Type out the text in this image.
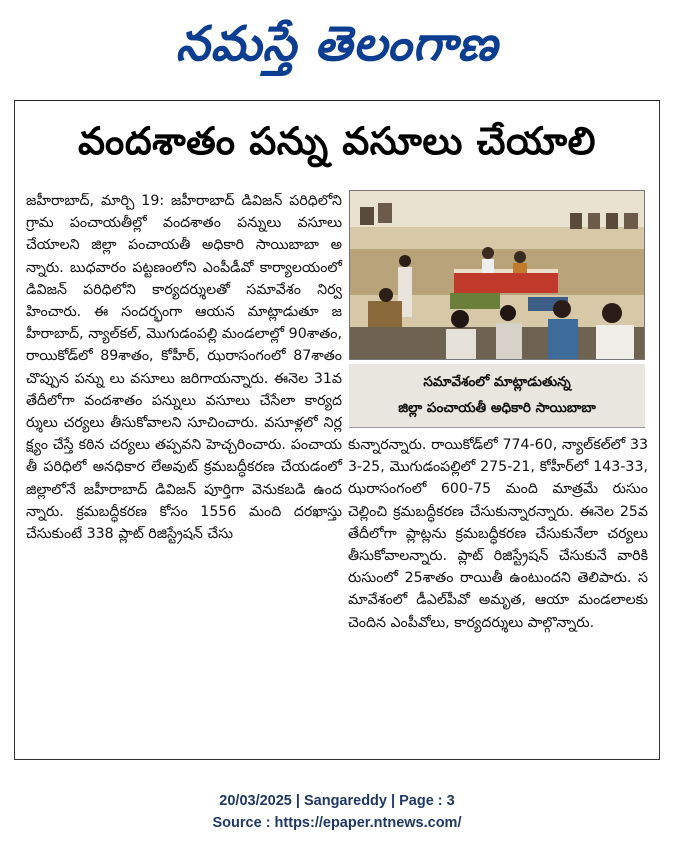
నమస్తే తెలంగాణ
వందశాతం పన్ను వసూలు చేయాలి

జహీరాబాద్, మార్చి 19: జహీరాబాద్ డివిజన్ పరిధిలోని గ్రామ పంచాయతీల్లో వందశాతం పన్నులు వసూలు చేయాలని జిల్లా పంచాయతీ అధికారి సాయిబాబా అన్నారు. బుధవారం పట్టణంలోని ఎంపీడీవో కార్యాలయంలో డివిజన్ పరిధిలోని కార్యదర్శులతో సమావేశం నిర్వహించారు. ఈ సందర్భంగా ఆయన మాట్లాడుతూ జహీరాబాద్, న్యాల్‌కల్, మొగుడంపల్లి మండలాల్లో 90శాతం, రాయికోడ్‌లో 89శాతం, కోహీర్, ఝరాసంగంలో 87శాతం చొప్పున పన్ను లు వసూలు జరిగాయన్నారు. ఈనెల 31వ తేదీలోగా వందశాతం పన్నులు వసూలు చేసేలా కార్యదర్శులు చర్యలు తీసుకోవాలని సూచించారు. వసూళ్లలో నిర్లక్ష్యం చేస్తే కఠిన చర్యలు తప్పవని హెచ్చరించారు. పంచాయతీ పరిధిలో అనధికార లేఅవుట్ క్రమబద్ధీకరణ చేయడంలో జిల్లాలోనే జహీరాబాద్ డివిజన్ పూర్తిగా వెనుకబడి ఉందన్నారు. క్రమబద్ధీకరణ కోసం 1556 మంది దరఖాస్తు చేసుకుంటే 338 ప్లాట్ రిజిస్ట్రేషన్ చేసు

సమావేశంలో మాట్లాడుతున్న
జిల్లా పంచాయతీ అధికారి సాయిబాబా

కున్నారన్నారు. రాయికోడ్‌లో 774-60, న్యాల్‌కల్‌లో 333-25, మొగుడంపల్లిలో 275-21, కోహీర్‌లో 143-33, ఝరాసంగంలో 600-75 మంది మాత్రమే రుసుం చెల్లించి క్రమబద్ధీకరణ చేసుకున్నారన్నారు. ఈనెల 25వ తేదీలోగా ప్లాట్లను క్రమబద్ధీకరణ చేసుకునేలా చర్యలు తీసుకోవాలన్నారు. ప్లాట్ రిజిస్ట్రేషన్ చేసుకునే వారికి రుసుంలో 25శాతం రాయితీ ఉంటుందని తెలిపారు. సమావేశంలో డీఎల్‌పీవో అమృత, ఆయా మండలాలకు చెందిన ఎంపీవోలు, కార్యదర్శులు పాల్గొన్నారు.

20/03/2025 | Sangareddy | Page : 3
Source : https://epaper.ntnews.com/
